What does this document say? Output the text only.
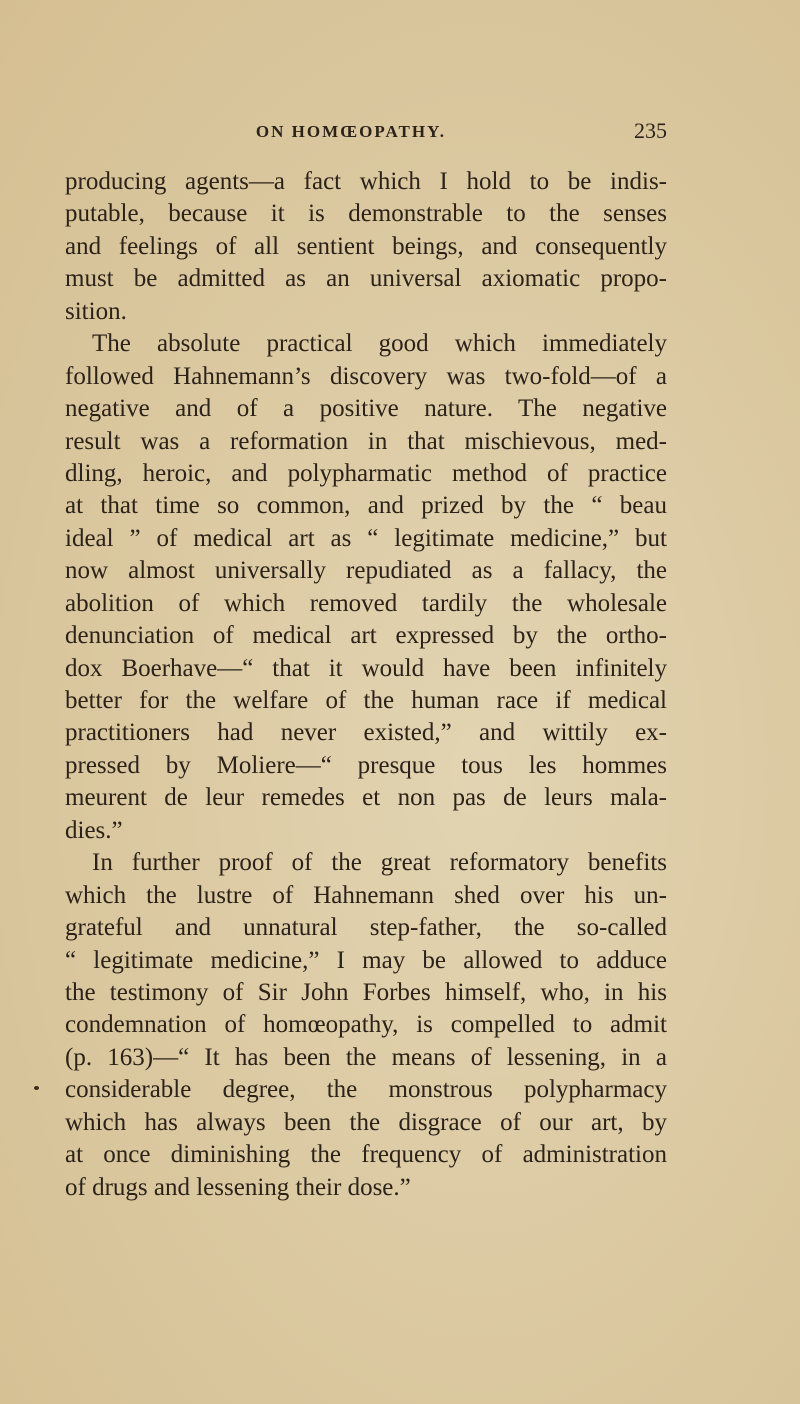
ON HOMŒOPATHY.	235
producing agents—a fact which I hold to be indis-
putable, because it is demonstrable to the senses
and feelings of all sentient beings, and consequently
must be admitted as an universal axiomatic propo-
sition.
The absolute practical good which immediately
followed Hahnemann’s discovery was two-fold—of a
negative and of a positive nature. The negative
result was a reformation in that mischievous, med-
dling, heroic, and polypharmatic method of practice
at that time so common, and prized by the “ beau
ideal ” of medical art as “ legitimate medicine,” but
now almost universally repudiated as a fallacy, the
abolition of which removed tardily the wholesale
denunciation of medical art expressed by the ortho-
dox Boerhave—“ that it would have been infinitely
better for the welfare of the human race if medical
practitioners had never existed,” and wittily ex-
pressed by Moliere—“ presque tous les hommes
meurent de leur remedes et non pas de leurs mala-
dies.”
In further proof of the great reformatory benefits
which the lustre of Hahnemann shed over his un-
grateful and unnatural step-father, the so-called
“ legitimate medicine,” I may be allowed to adduce
the testimony of Sir John Forbes himself, who, in his
condemnation of homœopathy, is compelled to admit
(p. 163)—“ It has been the means of lessening, in a
considerable degree, the monstrous polypharmacy
which has always been the disgrace of our art, by
at once diminishing the frequency of administration
of drugs and lessening their dose.”
